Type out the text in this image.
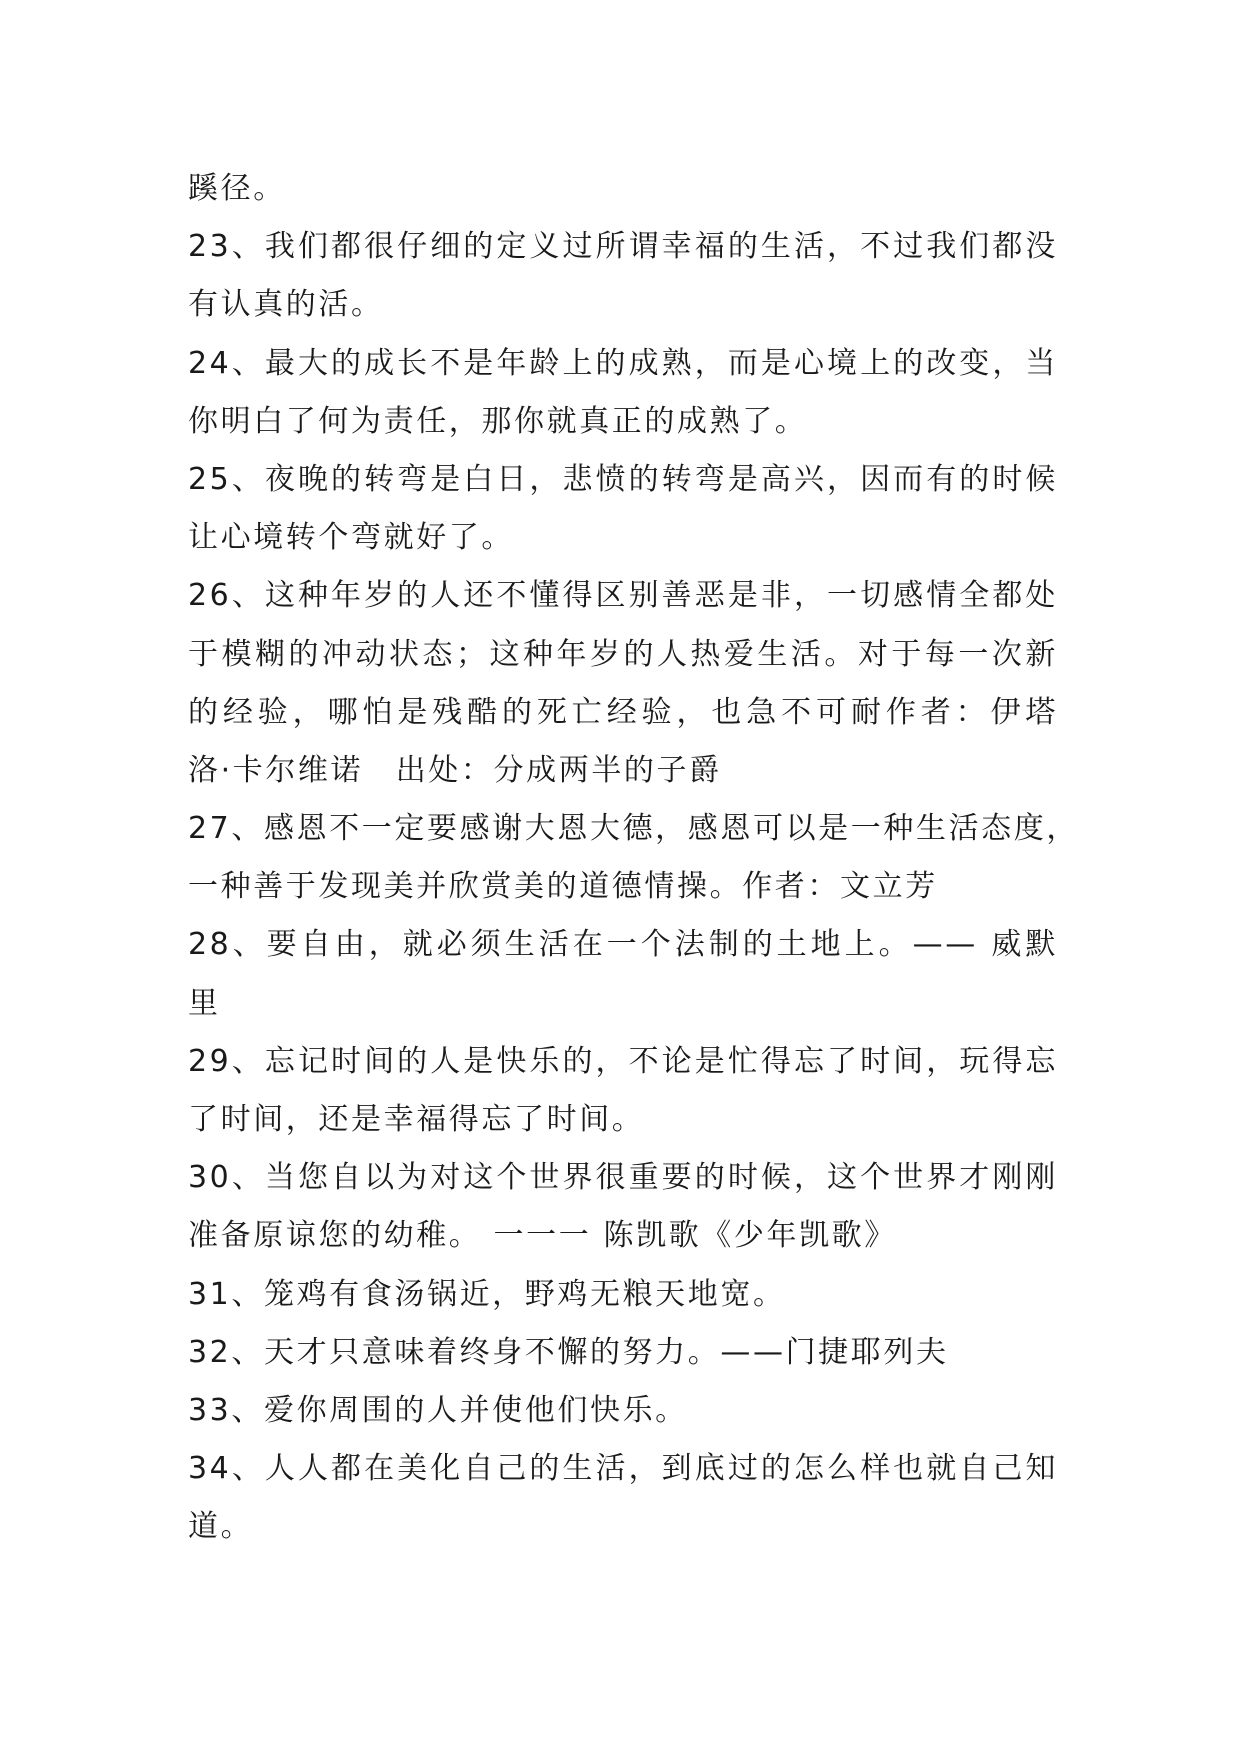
蹊径。
23、我们都很仔细的定义过所谓幸福的生活，不过我们都没
有认真的活。
24、最大的成长不是年龄上的成熟，而是心境上的改变，当
你明白了何为责任，那你就真正的成熟了。
25、夜晚的转弯是白日，悲愤的转弯是高兴，因而有的时候
让心境转个弯就好了。
26、这种年岁的人还不懂得区别善恶是非，一切感情全都处
于模糊的冲动状态；这种年岁的人热爱生活。对于每一次新
的经验，哪怕是残酷的死亡经验，也急不可耐作者：伊塔
洛·卡尔维诺　出处：分成两半的子爵
27、感恩不一定要感谢大恩大德，感恩可以是一种生活态度，
一种善于发现美并欣赏美的道德情操。作者：文立芳
28、要自由，就必须生活在一个法制的土地上。—— 威默
里
29、忘记时间的人是快乐的，不论是忙得忘了时间，玩得忘
了时间，还是幸福得忘了时间。
30、当您自以为对这个世界很重要的时候，这个世界才刚刚
准备原谅您的幼稚。 一一一 陈凯歌《少年凯歌》
31、笼鸡有食汤锅近，野鸡无粮天地宽。
32、天才只意味着终身不懈的努力。——门捷耶列夫
33、爱你周围的人并使他们快乐。
34、人人都在美化自己的生活，到底过的怎么样也就自己知
道。
